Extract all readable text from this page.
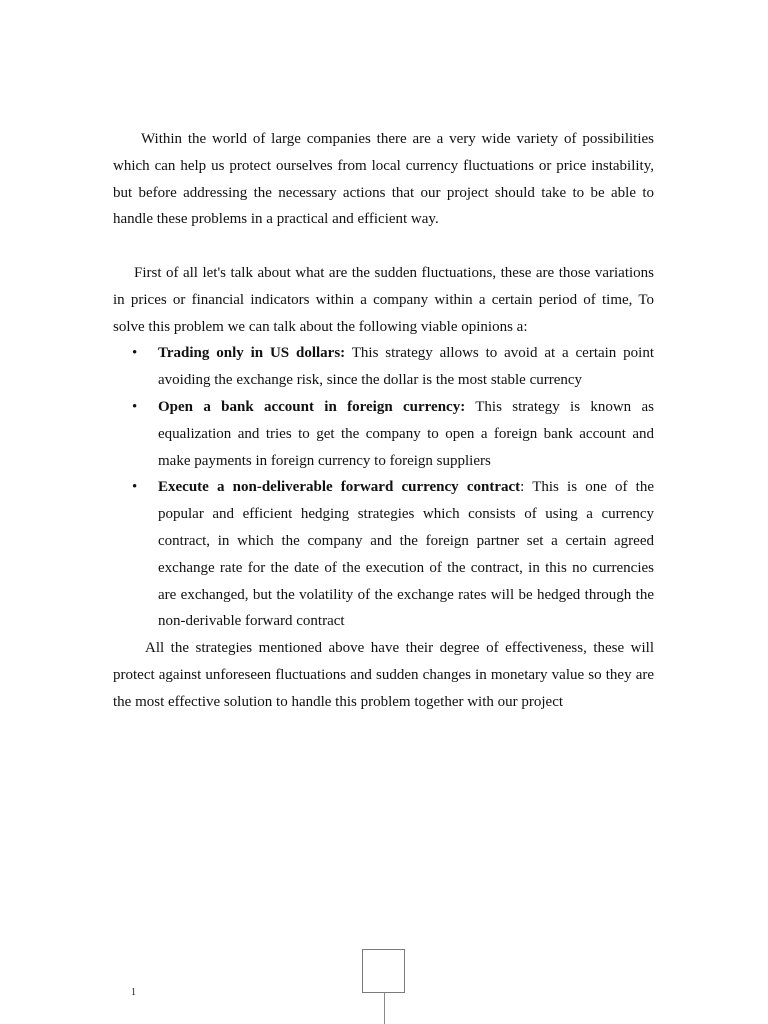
Within the world of large companies there are a very wide variety of possibilities which can help us protect ourselves from local currency fluctuations or price instability, but before addressing the necessary actions that our project should take to be able to handle these problems in a practical and efficient way.

First of all let's talk about what are the sudden fluctuations, these are those variations in prices or financial indicators within a company within a certain period of time, To solve this problem we can talk about the following viable opinions a:

• Trading only in US dollars: This strategy allows to avoid at a certain point avoiding the exchange risk, since the dollar is the most stable currency
• Open a bank account in foreign currency: This strategy is known as equalization and tries to get the company to open a foreign bank account and make payments in foreign currency to foreign suppliers
• Execute a non-deliverable forward currency contract: This is one of the popular and efficient hedging strategies which consists of using a currency contract, in which the company and the foreign partner set a certain agreed exchange rate for the date of the execution of the contract, in this no currencies are exchanged, but the volatility of the exchange rates will be hedged through the non-derivable forward contract

All the strategies mentioned above have their degree of effectiveness, these will protect against unforeseen fluctuations and sudden changes in monetary value so they are the most effective solution to handle this problem together with our project

1
